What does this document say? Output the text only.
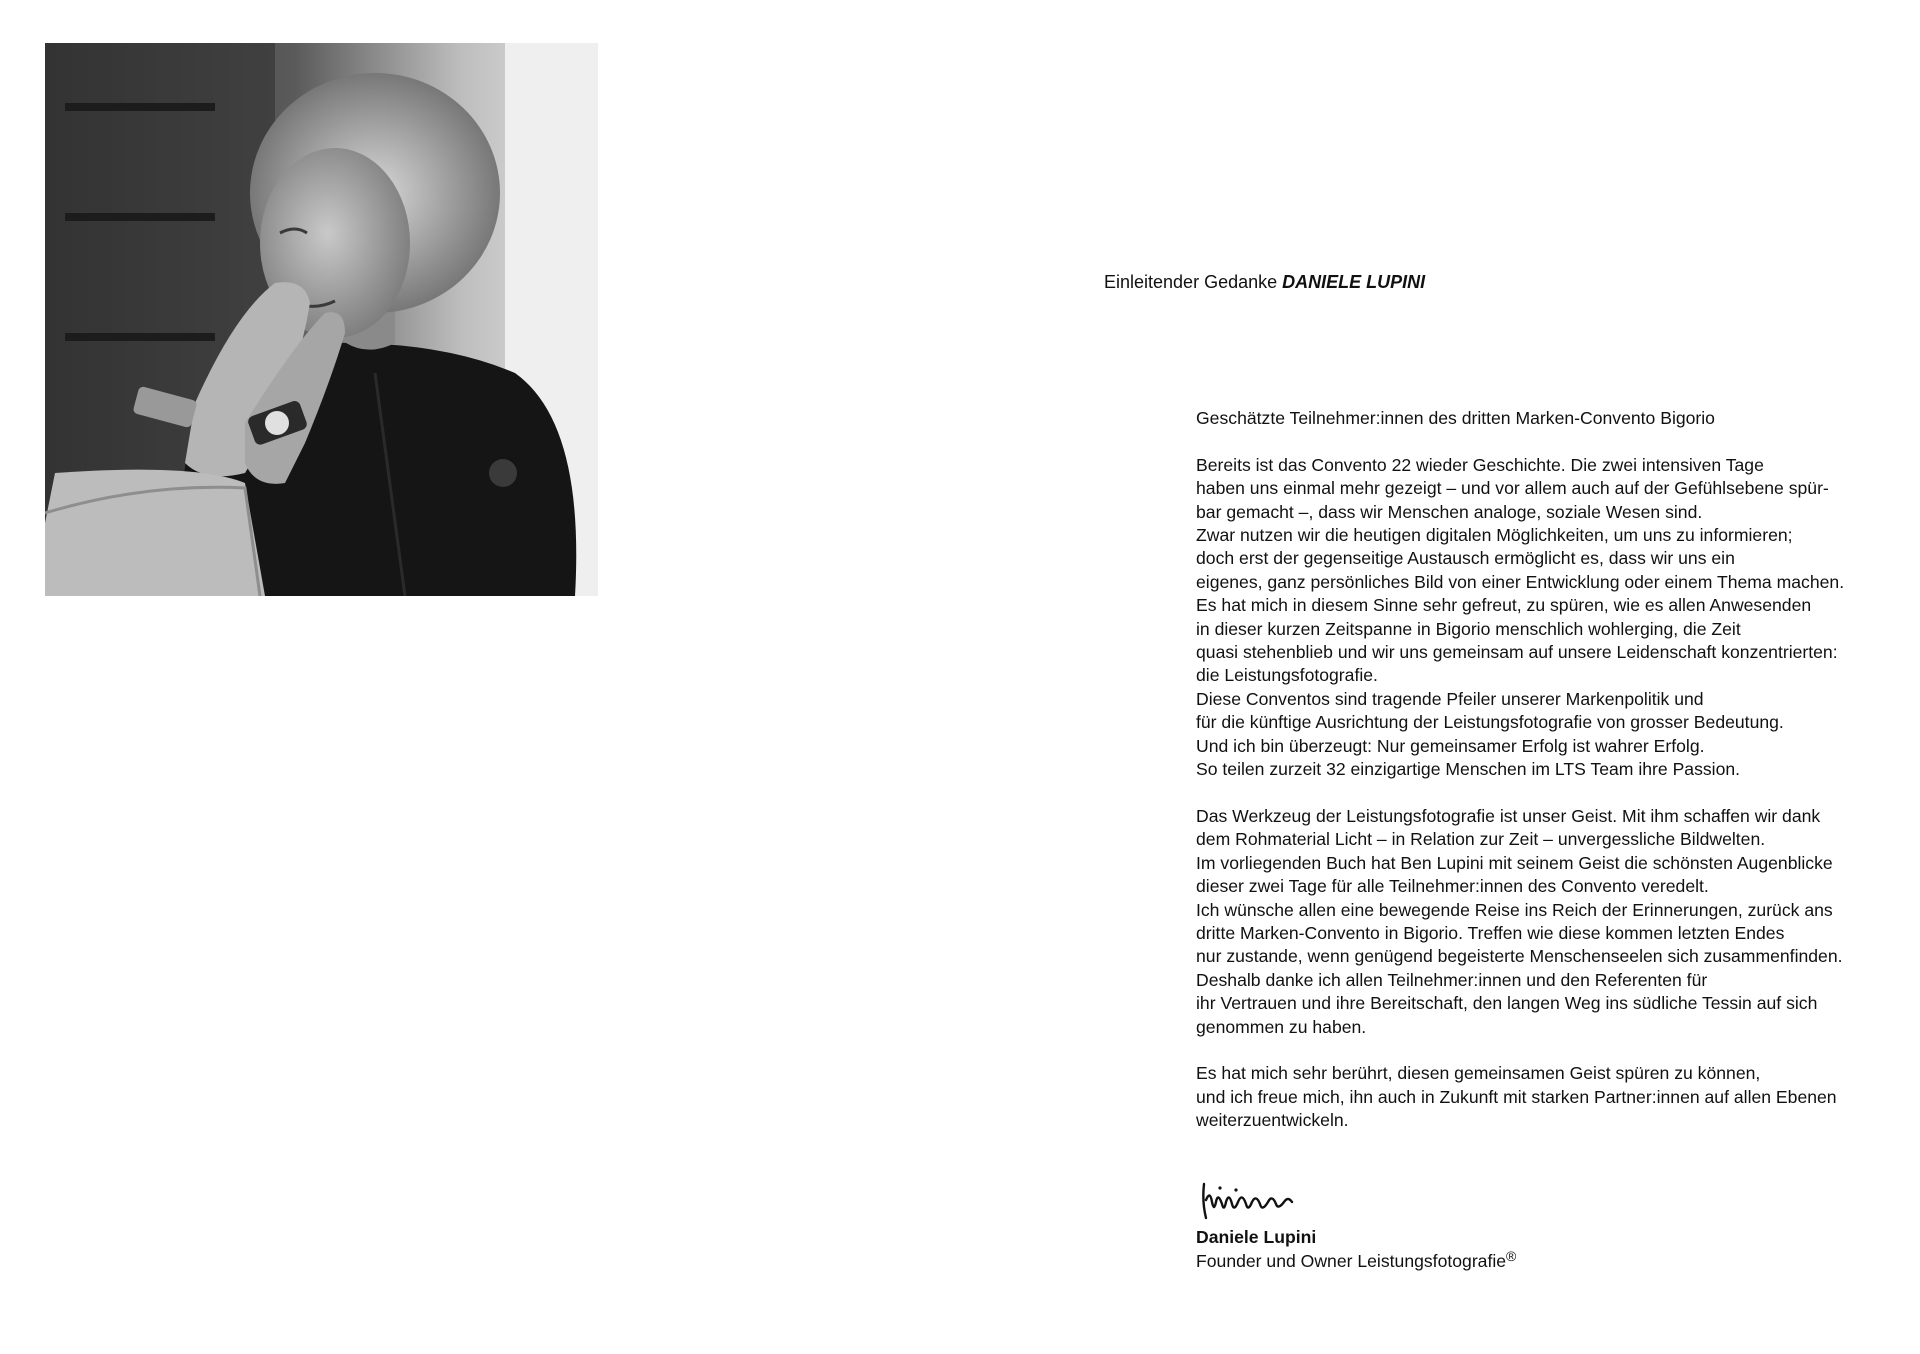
Einleitender Gedanke DANIELE LUPINI

Geschätzte Teilnehmer:innen des dritten Marken-Convento Bigorio

Bereits ist das Convento 22 wieder Geschichte. Die zwei intensiven Tage
haben uns einmal mehr gezeigt – und vor allem auch auf der Gefühlsebene spür-
bar gemacht –, dass wir Menschen analoge, soziale Wesen sind.
Zwar nutzen wir die heutigen digitalen Möglichkeiten, um uns zu informieren;
doch erst der gegenseitige Austausch ermöglicht es, dass wir uns ein
eigenes, ganz persönliches Bild von einer Entwicklung oder einem Thema machen.
Es hat mich in diesem Sinne sehr gefreut, zu spüren, wie es allen Anwesenden
in dieser kurzen Zeitspanne in Bigorio menschlich wohlerging, die Zeit
quasi stehenblieb und wir uns gemeinsam auf unsere Leidenschaft konzentrierten:
die Leistungsfotografie.
Diese Conventos sind tragende Pfeiler unserer Markenpolitik und
für die künftige Ausrichtung der Leistungsfotografie von grosser Bedeutung.
Und ich bin überzeugt: Nur gemeinsamer Erfolg ist wahrer Erfolg.
So teilen zurzeit 32 einzigartige Menschen im LTS Team ihre Passion.

Das Werkzeug der Leistungsfotografie ist unser Geist. Mit ihm schaffen wir dank
dem Rohmaterial Licht – in Relation zur Zeit – unvergessliche Bildwelten.
Im vorliegenden Buch hat Ben Lupini mit seinem Geist die schönsten Augenblicke
dieser zwei Tage für alle Teilnehmer:innen des Convento veredelt.
Ich wünsche allen eine bewegende Reise ins Reich der Erinnerungen, zurück ans
dritte Marken-Convento in Bigorio. Treffen wie diese kommen letzten Endes
nur zustande, wenn genügend begeisterte Menschenseelen sich zusammenfinden.
Deshalb danke ich allen Teilnehmer:innen und den Referenten für
ihr Vertrauen und ihre Bereitschaft, den langen Weg ins südliche Tessin auf sich
genommen zu haben.

Es hat mich sehr berührt, diesen gemeinsamen Geist spüren zu können,
und ich freue mich, ihn auch in Zukunft mit starken Partner:innen auf allen Ebenen
weiterzuentwickeln.

Daniele Lupini
Founder und Owner Leistungsfotografie®
